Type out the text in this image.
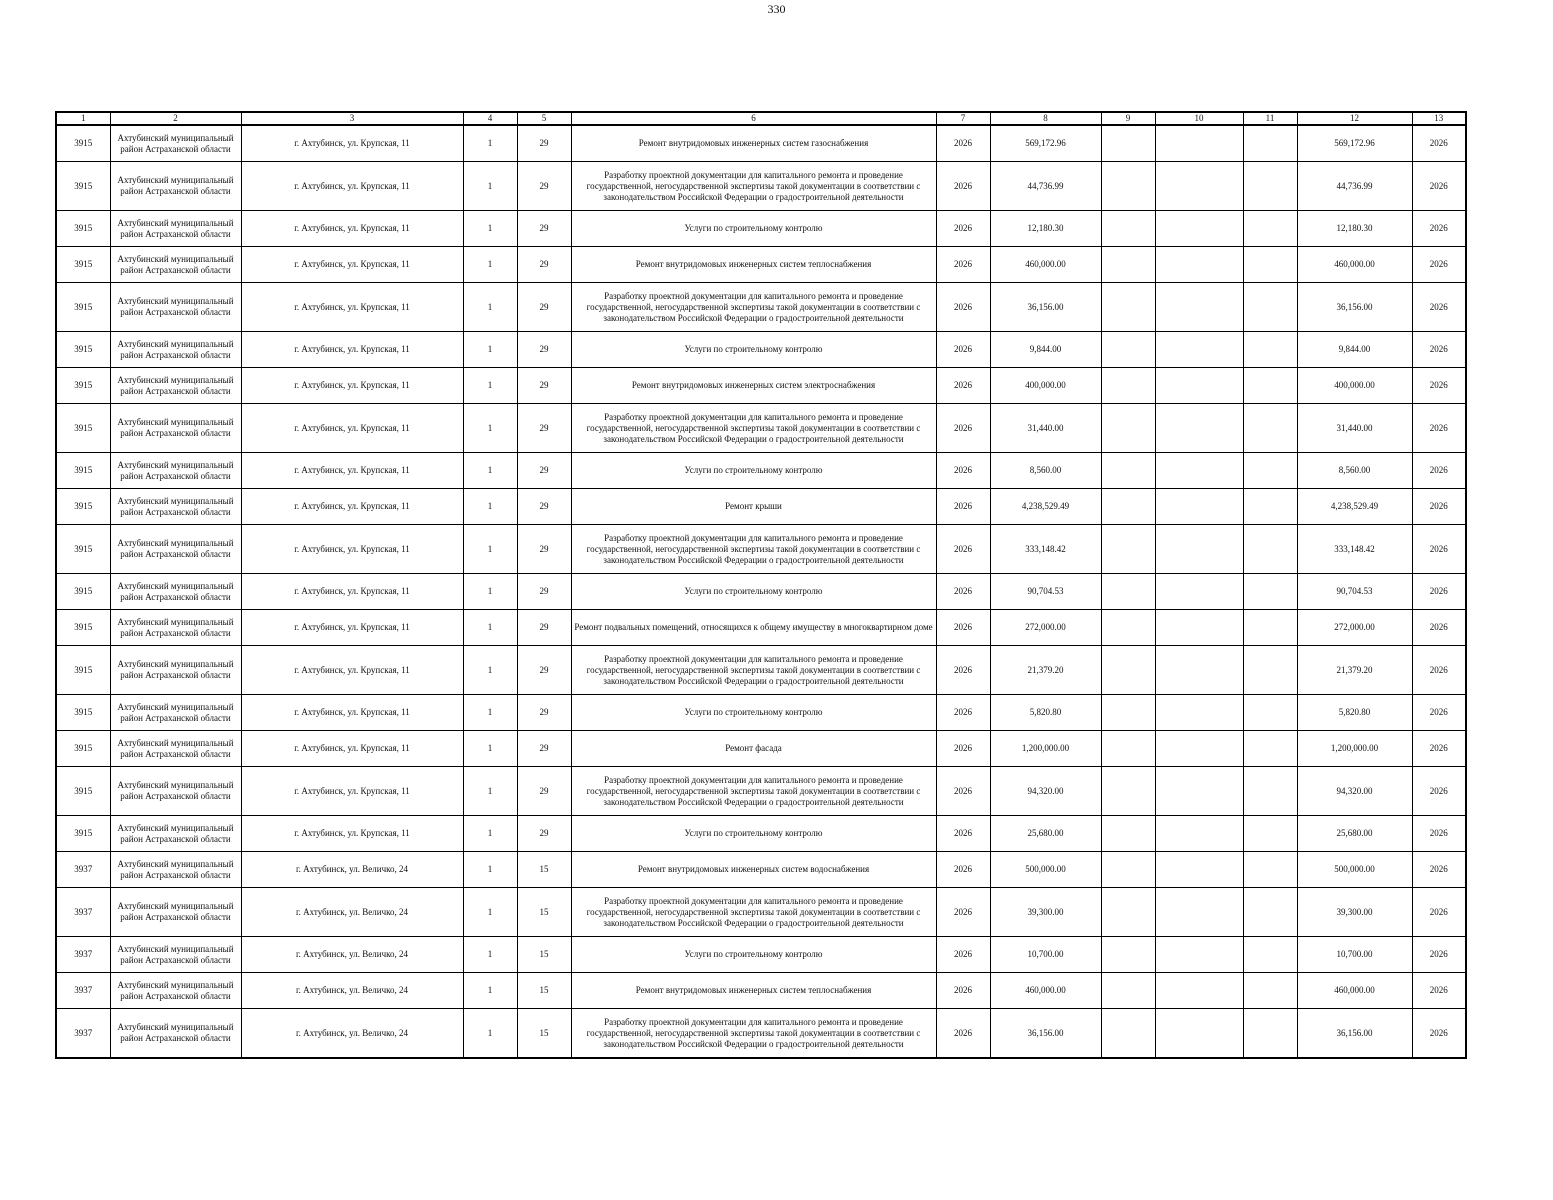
330
1	2	3	4	5	6	7	8	9	10	11	12	13
3915	Ахтубинский муниципальный район Астраханской области	г. Ахтубинск, ул. Крупская, 11	1	29	Ремонт внутридомовых инженерных систем газоснабжения	2026	569,172.96				569,172.96	2026
3915	Ахтубинский муниципальный район Астраханской области	г. Ахтубинск, ул. Крупская, 11	1	29	Разработку проектной документации для капитального ремонта и проведение государственной, негосударственной экспертизы такой документации в соответствии с законодательством Российской Федерации о градостроительной деятельности	2026	44,736.99				44,736.99	2026
3915	Ахтубинский муниципальный район Астраханской области	г. Ахтубинск, ул. Крупская, 11	1	29	Услуги по строительному контролю	2026	12,180.30				12,180.30	2026
3915	Ахтубинский муниципальный район Астраханской области	г. Ахтубинск, ул. Крупская, 11	1	29	Ремонт внутридомовых инженерных систем теплоснабжения	2026	460,000.00				460,000.00	2026
3915	Ахтубинский муниципальный район Астраханской области	г. Ахтубинск, ул. Крупская, 11	1	29	Разработку проектной документации для капитального ремонта и проведение государственной, негосударственной экспертизы такой документации в соответствии с законодательством Российской Федерации о градостроительной деятельности	2026	36,156.00				36,156.00	2026
3915	Ахтубинский муниципальный район Астраханской области	г. Ахтубинск, ул. Крупская, 11	1	29	Услуги по строительному контролю	2026	9,844.00				9,844.00	2026
3915	Ахтубинский муниципальный район Астраханской области	г. Ахтубинск, ул. Крупская, 11	1	29	Ремонт внутридомовых инженерных систем электроснабжения	2026	400,000.00				400,000.00	2026
3915	Ахтубинский муниципальный район Астраханской области	г. Ахтубинск, ул. Крупская, 11	1	29	Разработку проектной документации для капитального ремонта и проведение государственной, негосударственной экспертизы такой документации в соответствии с законодательством Российской Федерации о градостроительной деятельности	2026	31,440.00				31,440.00	2026
3915	Ахтубинский муниципальный район Астраханской области	г. Ахтубинск, ул. Крупская, 11	1	29	Услуги по строительному контролю	2026	8,560.00				8,560.00	2026
3915	Ахтубинский муниципальный район Астраханской области	г. Ахтубинск, ул. Крупская, 11	1	29	Ремонт крыши	2026	4,238,529.49				4,238,529.49	2026
3915	Ахтубинский муниципальный район Астраханской области	г. Ахтубинск, ул. Крупская, 11	1	29	Разработку проектной документации для капитального ремонта и проведение государственной, негосударственной экспертизы такой документации в соответствии с законодательством Российской Федерации о градостроительной деятельности	2026	333,148.42				333,148.42	2026
3915	Ахтубинский муниципальный район Астраханской области	г. Ахтубинск, ул. Крупская, 11	1	29	Услуги по строительному контролю	2026	90,704.53				90,704.53	2026
3915	Ахтубинский муниципальный район Астраханской области	г. Ахтубинск, ул. Крупская, 11	1	29	Ремонт подвальных помещений, относящихся к общему имуществу в многоквартирном доме	2026	272,000.00				272,000.00	2026
3915	Ахтубинский муниципальный район Астраханской области	г. Ахтубинск, ул. Крупская, 11	1	29	Разработку проектной документации для капитального ремонта и проведение государственной, негосударственной экспертизы такой документации в соответствии с законодательством Российской Федерации о градостроительной деятельности	2026	21,379.20				21,379.20	2026
3915	Ахтубинский муниципальный район Астраханской области	г. Ахтубинск, ул. Крупская, 11	1	29	Услуги по строительному контролю	2026	5,820.80				5,820.80	2026
3915	Ахтубинский муниципальный район Астраханской области	г. Ахтубинск, ул. Крупская, 11	1	29	Ремонт фасада	2026	1,200,000.00				1,200,000.00	2026
3915	Ахтубинский муниципальный район Астраханской области	г. Ахтубинск, ул. Крупская, 11	1	29	Разработку проектной документации для капитального ремонта и проведение государственной, негосударственной экспертизы такой документации в соответствии с законодательством Российской Федерации о градостроительной деятельности	2026	94,320.00				94,320.00	2026
3915	Ахтубинский муниципальный район Астраханской области	г. Ахтубинск, ул. Крупская, 11	1	29	Услуги по строительному контролю	2026	25,680.00				25,680.00	2026
3937	Ахтубинский муниципальный район Астраханской области	г. Ахтубинск, ул. Величко, 24	1	15	Ремонт внутридомовых инженерных систем водоснабжения	2026	500,000.00				500,000.00	2026
3937	Ахтубинский муниципальный район Астраханской области	г. Ахтубинск, ул. Величко, 24	1	15	Разработку проектной документации для капитального ремонта и проведение государственной, негосударственной экспертизы такой документации в соответствии с законодательством Российской Федерации о градостроительной деятельности	2026	39,300.00				39,300.00	2026
3937	Ахтубинский муниципальный район Астраханской области	г. Ахтубинск, ул. Величко, 24	1	15	Услуги по строительному контролю	2026	10,700.00				10,700.00	2026
3937	Ахтубинский муниципальный район Астраханской области	г. Ахтубинск, ул. Величко, 24	1	15	Ремонт внутридомовых инженерных систем теплоснабжения	2026	460,000.00				460,000.00	2026
3937	Ахтубинский муниципальный район Астраханской области	г. Ахтубинск, ул. Величко, 24	1	15	Разработку проектной документации для капитального ремонта и проведение государственной, негосударственной экспертизы такой документации в соответствии с законодательством Российской Федерации о градостроительной деятельности	2026	36,156.00				36,156.00	2026
